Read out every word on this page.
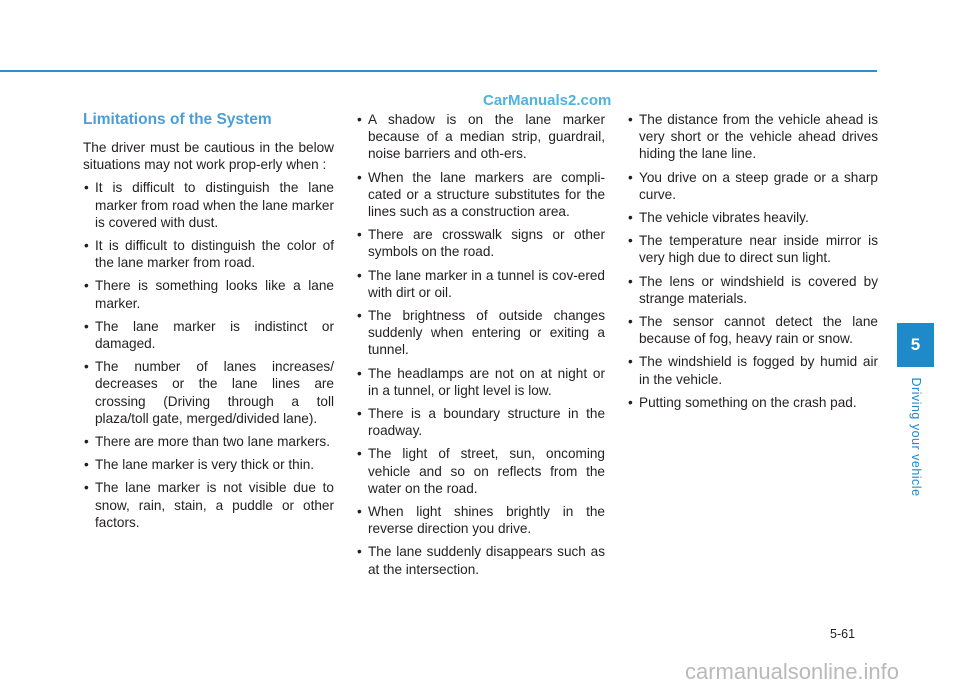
CarManuals2.com
Limitations of the System

The driver must be cautious in the below situations may not work prop-erly when :

• It is difficult to distinguish the lane marker from road when the lane marker is covered with dust.
• It is difficult to distinguish the color of the lane marker from road.
• There is something looks like a lane marker.
• The lane marker is indistinct or damaged.
• The number of lanes increases/ decreases or the lane lines are crossing (Driving through a toll plaza/toll gate, merged/divided lane).
• There are more than two lane markers.
• The lane marker is very thick or thin.
• The lane marker is not visible due to snow, rain, stain, a puddle or other factors.
• A shadow is on the lane marker because of a median strip, guardrail, noise barriers and oth-ers.
• When the lane markers are compli-cated or a structure substitutes for the lines such as a construction area.
• There are crosswalk signs or other symbols on the road.
• The lane marker in a tunnel is cov-ered with dirt or oil.
• The brightness of outside changes suddenly when entering or exiting a tunnel.
• The headlamps are not on at night or in a tunnel, or light level is low.
• There is a boundary structure in the roadway.
• The light of street, sun, oncoming vehicle and so on reflects from the water on the road.
• When light shines brightly in the reverse direction you drive.
• The lane suddenly disappears such as at the intersection.
• The distance from the vehicle ahead is very short or the vehicle ahead drives hiding the lane line.
• You drive on a steep grade or a sharp curve.
• The vehicle vibrates heavily.
• The temperature near inside mirror is very high due to direct sun light.
• The lens or windshield is covered by strange materials.
• The sensor cannot detect the lane because of fog, heavy rain or snow.
• The windshield is fogged by humid air in the vehicle.
• Putting something on the crash pad.
5
Driving your vehicle
5-61
carmanualsonline.info
